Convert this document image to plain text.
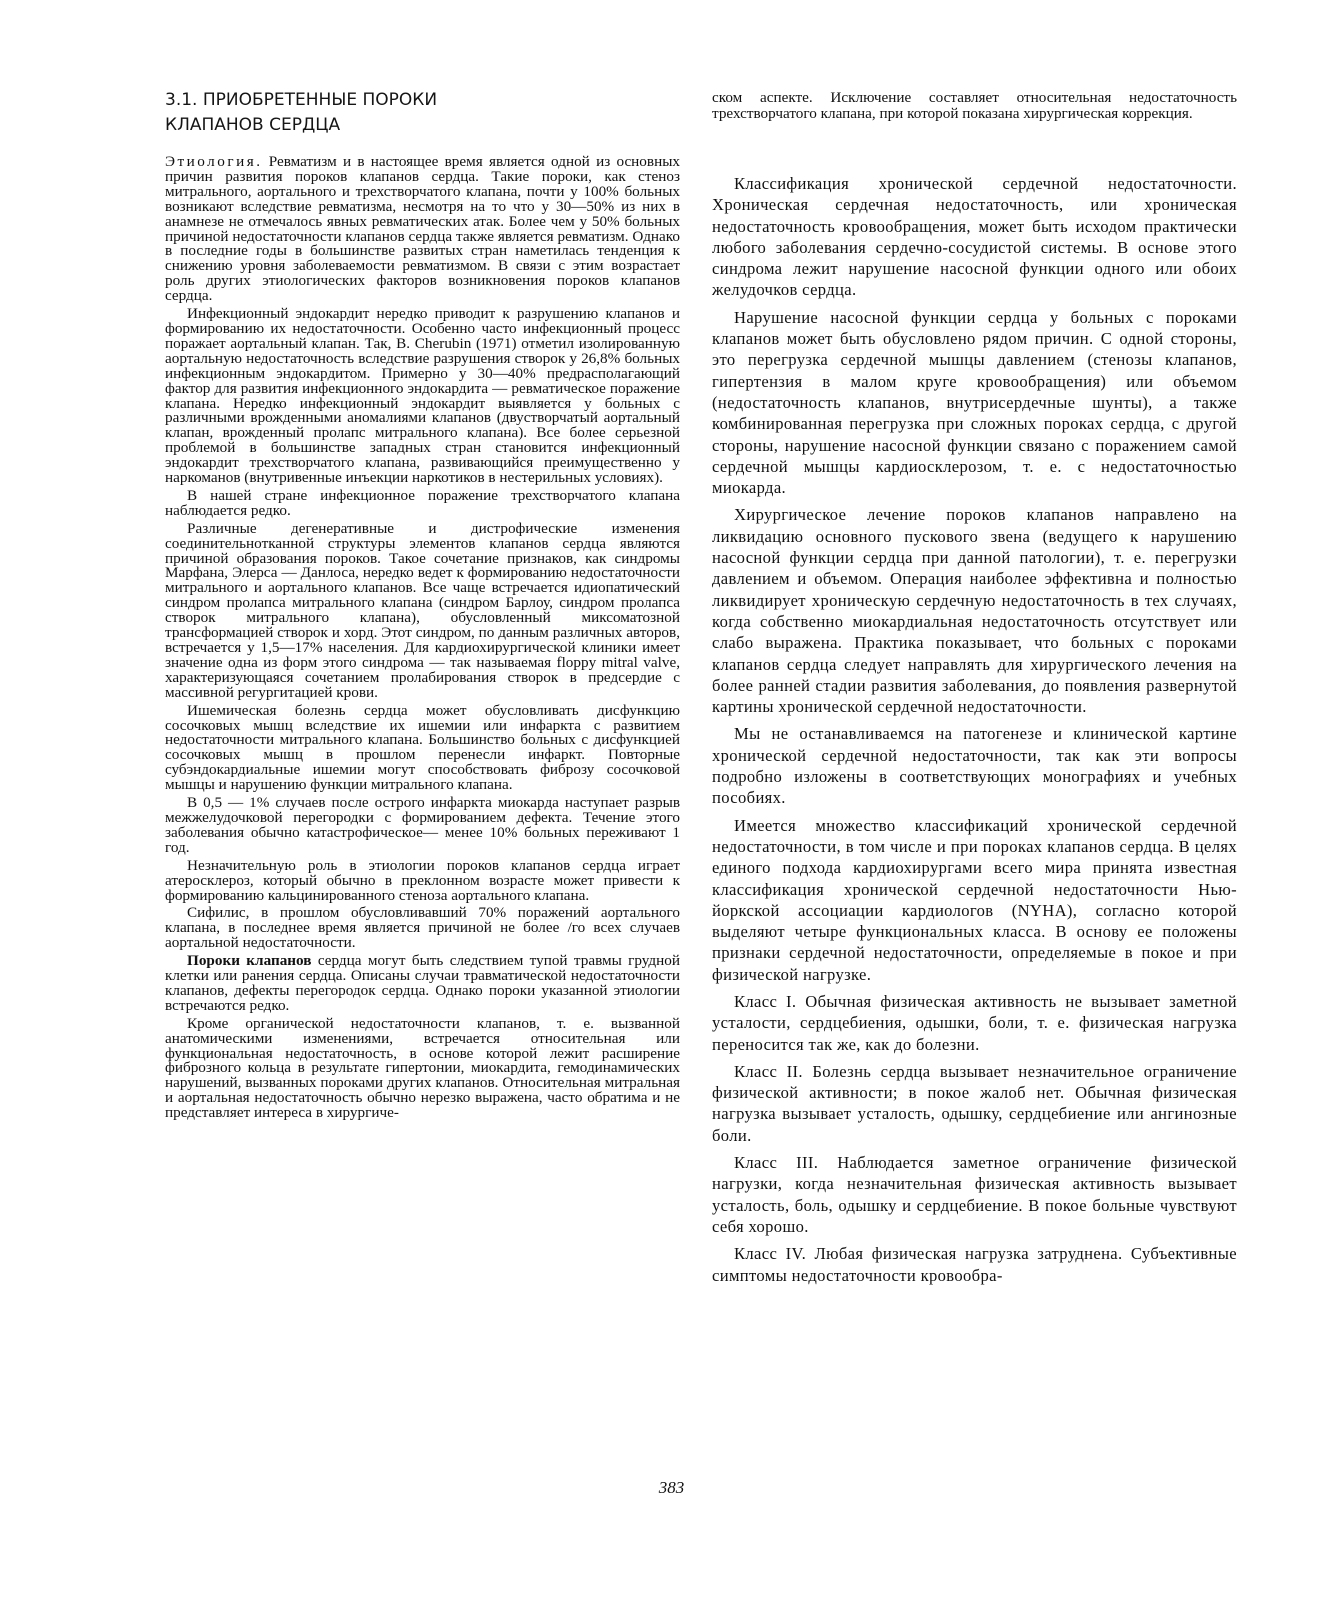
3.1. ПРИОБРЕТЕННЫЕ ПОРОКИ
КЛАПАНОВ СЕРДЦА

Этиология. Ревматизм и в настоящее время является одной из основных причин развития пороков клапанов сердца. Такие пороки, как стеноз митрального, аортального и трехстворчатого клапана, почти у 100% больных возникают вследствие ревматизма, несмотря на то что у 30—50% из них в анамнезе не отмечалось явных ревматических атак. Более чем у 50% больных причиной недостаточности клапанов сердца также является ревматизм. Однако в последние годы в большинстве развитых стран наметилась тенденция к снижению уровня заболеваемости ревматизмом. В связи с этим возрастает роль других этиологических факторов возникновения пороков клапанов сердца.

Инфекционный эндокардит нередко приводит к разрушению клапанов и формированию их недостаточности. Особенно часто инфекционный процесс поражает аортальный клапан. Так, B. Cherubin (1971) отметил изолированную аортальную недостаточность вследствие разрушения створок у 26,8% больных инфекционным эндокардитом. Примерно у 30—40% предрасполагающий фактор для развития инфекционного эндокардита — ревматическое поражение клапана. Нередко инфекционный эндокардит выявляется у больных с различными врожденными аномалиями клапанов (двустворчатый аортальный клапан, врожденный пролапс митрального клапана). Все более серьезной проблемой в большинстве западных стран становится инфекционный эндокардит трехстворчатого клапана, развивающийся преимущественно у наркоманов (внутривенные инъекции наркотиков в нестерильных условиях).

В нашей стране инфекционное поражение трехстворчатого клапана наблюдается редко.

Различные дегенеративные и дистрофические изменения соединительнотканной структуры элементов клапанов сердца являются причиной образования пороков. Такое сочетание признаков, как синдромы Марфана, Элерса — Данлоса, нередко ведет к формированию недостаточности митрального и аортального клапанов. Все чаще встречается идиопатический синдром пролапса митрального клапана (синдром Барлоу, синдром пролапса створок митрального клапана), обусловленный миксоматозной трансформацией створок и хорд. Этот синдром, по данным различных авторов, встречается у 1,5—17% населения. Для кардиохирургической клиники имеет значение одна из форм этого синдрома — так называемая floppy mitral valve, характеризующаяся сочетанием пролабирования створок в предсердие с массивной регургитацией крови.

Ишемическая болезнь сердца может обусловливать дисфункцию сосочковых мышц вследствие их ишемии или инфаркта с развитием недостаточности митрального клапана. Большинство больных с дисфункцией сосочковых мышц в прошлом перенесли инфаркт. Повторные субэндокардиальные ишемии могут способствовать фиброзу сосочковой мышцы и нарушению функции митрального клапана.

В 0,5 — 1% случаев после острого инфаркта миокарда наступает разрыв межжелудочковой перегородки с формированием дефекта. Течение этого заболевания обычно катастрофическое— менее 10% больных переживают 1 год.

Незначительную роль в этиологии пороков клапанов сердца играет атеросклероз, который обычно в преклонном возрасте может привести к формированию кальцинированного стеноза аортального клапана.

Сифилис, в прошлом обусловливавший 70% поражений аортального клапана, в последнее время является причиной не более /го всех случаев аортальной недостаточности.

Пороки клапанов сердца могут быть следствием тупой травмы грудной клетки или ранения сердца. Описаны случаи травматической недостаточности клапанов, дефекты перегородок сердца. Однако пороки указанной этиологии встречаются редко.

Кроме органической недостаточности клапанов, т. е. вызванной анатомическими изменениями, встречается относительная или функциональная недостаточность, в основе которой лежит расширение фиброзного кольца в результате гипертонии, миокардита, гемодинамических нарушений, вызванных пороками других клапанов. Относительная митральная и аортальная недостаточность обычно нерезко выражена, часто обратима и не представляет интереса в хирургиче-

ском аспекте. Исключение составляет относительная недостаточность трехстворчатого клапана, при которой показана хирургическая коррекция.

Классификация хронической сердечной недостаточности. Хроническая сердечная недостаточность, или хроническая недостаточность кровообращения, может быть исходом практически любого заболевания сердечно-сосудистой системы. В основе этого синдрома лежит нарушение насосной функции одного или обоих желудочков сердца.

Нарушение насосной функции сердца у больных с пороками клапанов может быть обусловлено рядом причин. С одной стороны, это перегрузка сердечной мышцы давлением (стенозы клапанов, гипертензия в малом круге кровообращения) или объемом (недостаточность клапанов, внутрисердечные шунты), а также комбинированная перегрузка при сложных пороках сердца, с другой стороны, нарушение насосной функции связано с поражением самой сердечной мышцы кардиосклерозом, т. е. с недостаточностью миокарда.

Хирургическое лечение пороков клапанов направлено на ликвидацию основного пускового звена (ведущего к нарушению насосной функции сердца при данной патологии), т. е. перегрузки давлением и объемом. Операция наиболее эффективна и полностью ликвидирует хроническую сердечную недостаточность в тех случаях, когда собственно миокардиальная недостаточность отсутствует или слабо выражена. Практика показывает, что больных с пороками клапанов сердца следует направлять для хирургического лечения на более ранней стадии развития заболевания, до появления развернутой картины хронической сердечной недостаточности.

Мы не останавливаемся на патогенезе и клинической картине хронической сердечной недостаточности, так как эти вопросы подробно изложены в соответствующих монографиях и учебных пособиях.

Имеется множество классификаций хронической сердечной недостаточности, в том числе и при пороках клапанов сердца. В целях единого подхода кардиохирургами всего мира принята известная классификация хронической сердечной недостаточности Нью-йоркской ассоциации кардиологов (NYHA), согласно которой выделяют четыре функциональных класса. В основу ее положены признаки сердечной недостаточности, определяемые в покое и при физической нагрузке.

Класс I. Обычная физическая активность не вызывает заметной усталости, сердцебиения, одышки, боли, т. е. физическая нагрузка переносится так же, как до болезни.

Класс II. Болезнь сердца вызывает незначительное ограничение физической активности; в покое жалоб нет. Обычная физическая нагрузка вызывает усталость, одышку, сердцебиение или ангинозные боли.

Класс III. Наблюдается заметное ограничение физической нагрузки, когда незначительная физическая активность вызывает усталость, боль, одышку и сердцебиение. В покое больные чувствуют себя хорошо.

Класс IV. Любая физическая нагрузка затруднена. Субъективные симптомы недостаточности кровообра-

383
